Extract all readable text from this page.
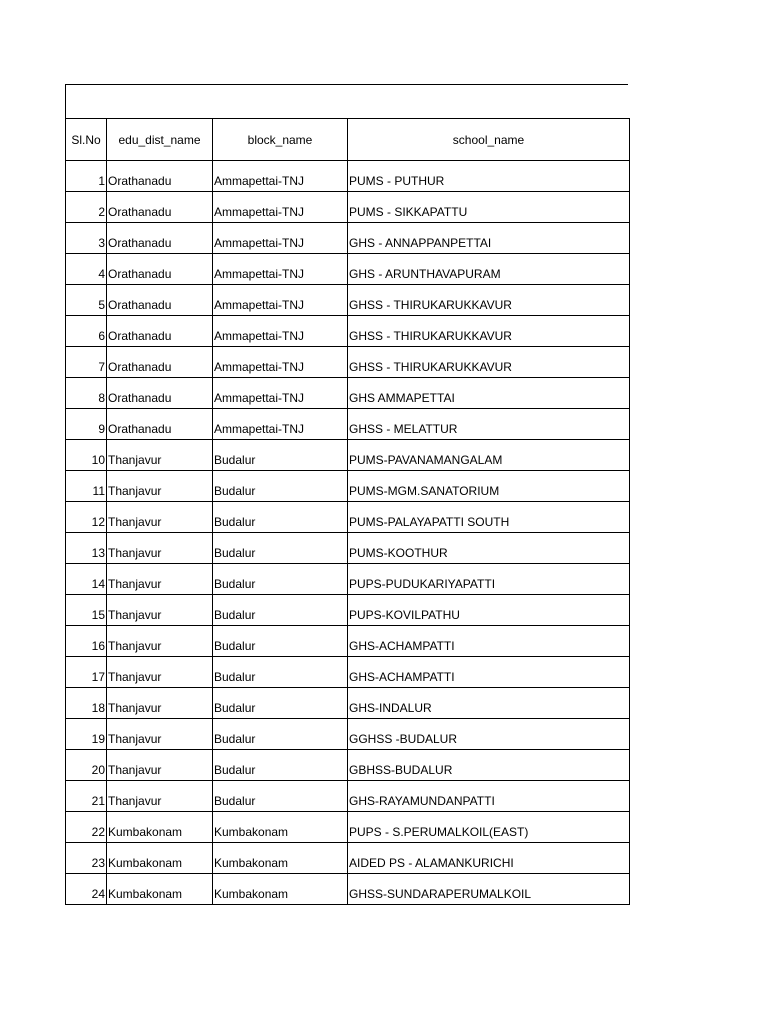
Sl.No	edu_dist_name	block_name	school_name
1	Orathanadu	Ammapettai-TNJ	PUMS - PUTHUR
2	Orathanadu	Ammapettai-TNJ	PUMS - SIKKAPATTU
3	Orathanadu	Ammapettai-TNJ	GHS - ANNAPPANPETTAI
4	Orathanadu	Ammapettai-TNJ	GHS - ARUNTHAVAPURAM
5	Orathanadu	Ammapettai-TNJ	GHSS - THIRUKARUKKAVUR
6	Orathanadu	Ammapettai-TNJ	GHSS - THIRUKARUKKAVUR
7	Orathanadu	Ammapettai-TNJ	GHSS - THIRUKARUKKAVUR
8	Orathanadu	Ammapettai-TNJ	GHS AMMAPETTAI
9	Orathanadu	Ammapettai-TNJ	GHSS - MELATTUR
10	Thanjavur	Budalur	PUMS-PAVANAMANGALAM
11	Thanjavur	Budalur	PUMS-MGM.SANATORIUM
12	Thanjavur	Budalur	PUMS-PALAYAPATTI SOUTH
13	Thanjavur	Budalur	PUMS-KOOTHUR
14	Thanjavur	Budalur	PUPS-PUDUKARIYAPATTI
15	Thanjavur	Budalur	PUPS-KOVILPATHU
16	Thanjavur	Budalur	GHS-ACHAMPATTI
17	Thanjavur	Budalur	GHS-ACHAMPATTI
18	Thanjavur	Budalur	GHS-INDALUR
19	Thanjavur	Budalur	GGHSS -BUDALUR
20	Thanjavur	Budalur	GBHSS-BUDALUR
21	Thanjavur	Budalur	GHS-RAYAMUNDANPATTI
22	Kumbakonam	Kumbakonam	PUPS - S.PERUMALKOIL(EAST)
23	Kumbakonam	Kumbakonam	AIDED PS - ALAMANKURICHI
24	Kumbakonam	Kumbakonam	GHSS-SUNDARAPERUMALKOIL
